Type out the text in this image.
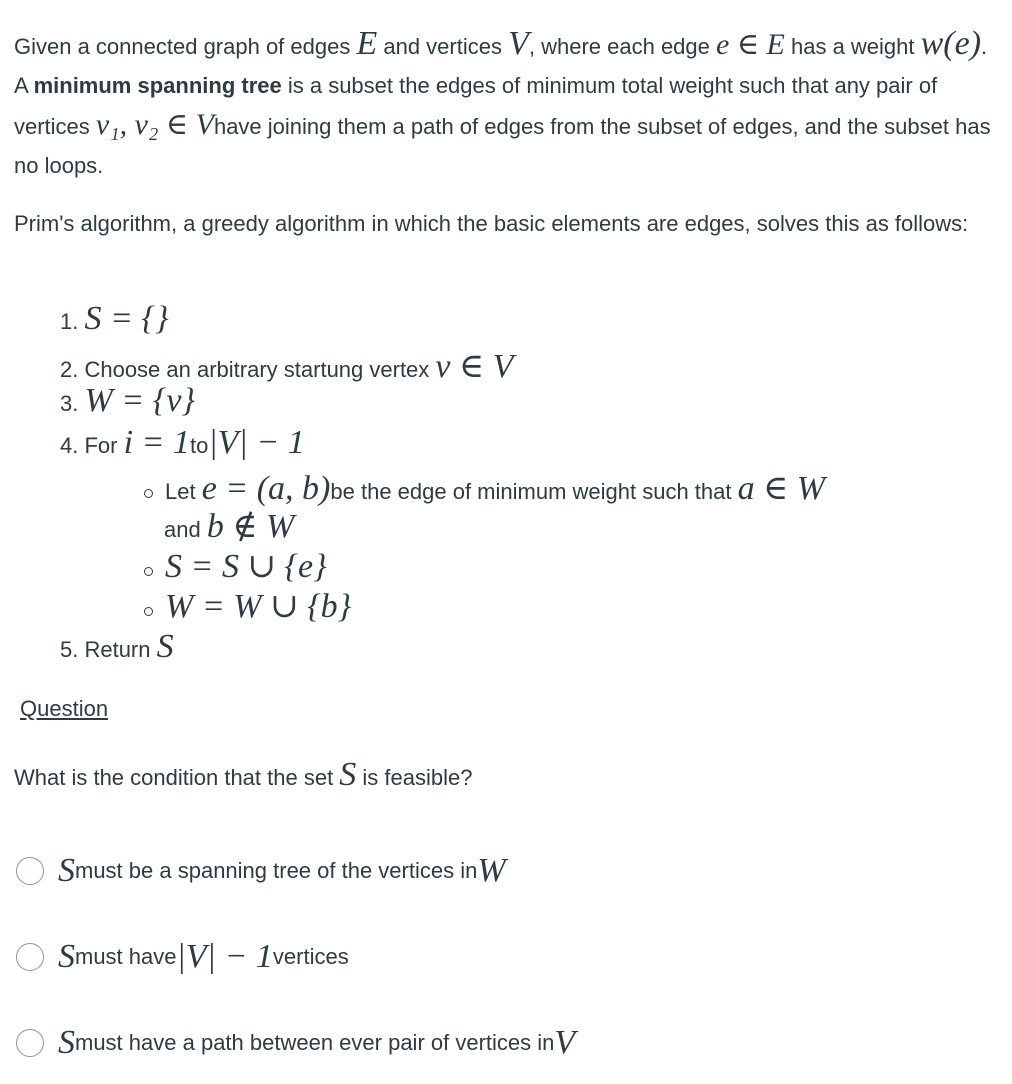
Given a connected graph of edges E and vertices V, where each edge e ∈ E has a weight w(e). A minimum spanning tree is a subset the edges of minimum total weight such that any pair of vertices v₁, v₂ ∈ Vhave joining them a path of edges from the subset of edges, and the subset has no loops.
Prim's algorithm, a greedy algorithm in which the basic elements are edges, solves this as follows:
1. S = {}
2. Choose an arbitrary startung vertex v ∈ V
3. W = {v}
4. For i = 1to|V| − 1
Let e = (a, b)be the edge of minimum weight such that a ∈ W
and b ∉ W
S = S ∪ {e}
W = W ∪ {b}
5. Return S
Question
What is the condition that the set S is feasible?
S must be a spanning tree of the vertices in W
S must have |V| − 1 vertices
S must have a path between ever pair of vertices in V
